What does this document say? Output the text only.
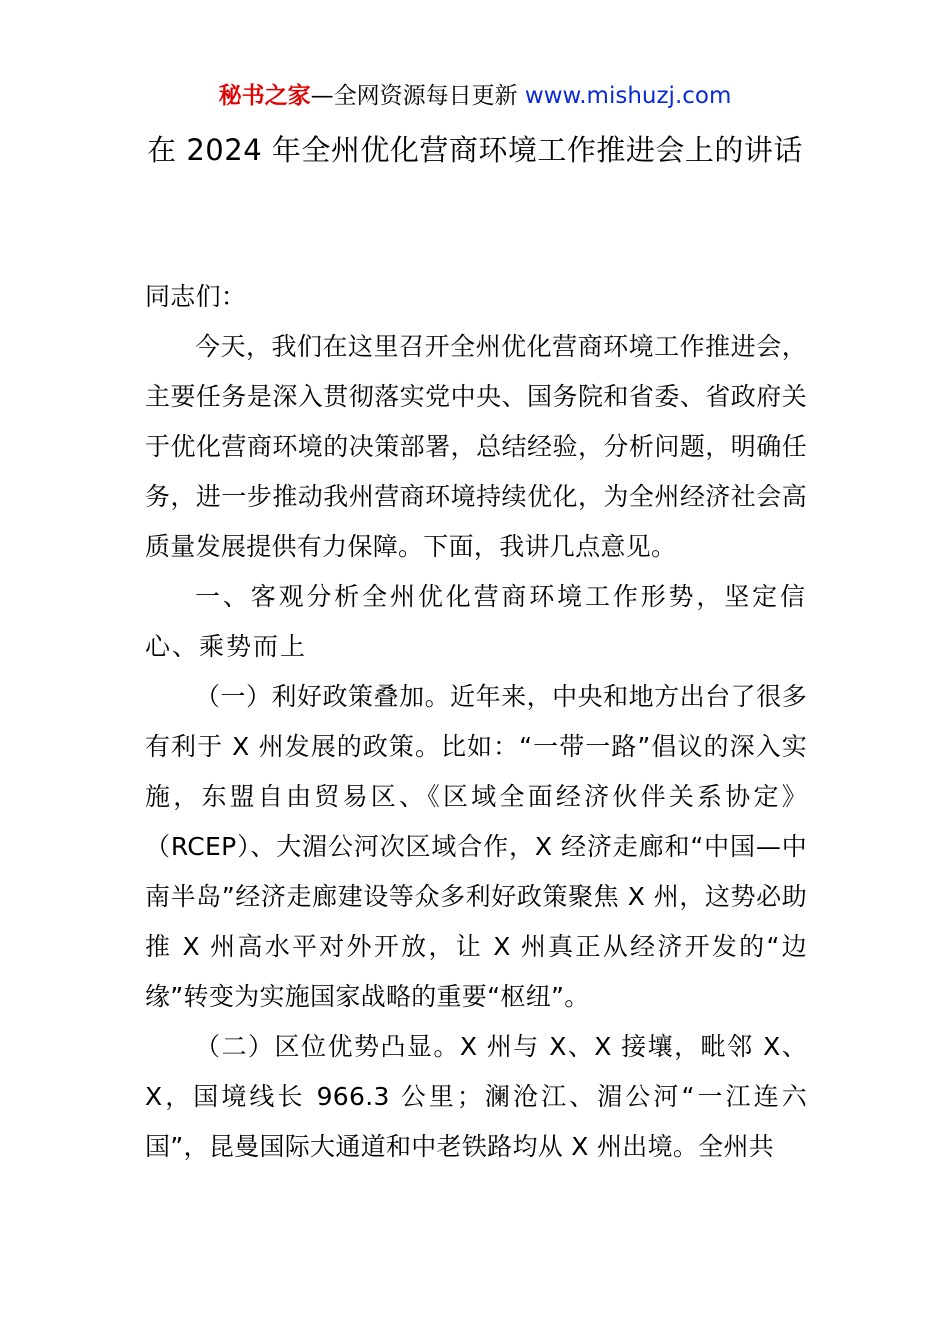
秘书之家—全网资源每日更新 www.mishuzj.com
在 2024 年全州优化营商环境工作推进会上的讲话

同志们：

今天，我们在这里召开全州优化营商环境工作推进会，主要任务是深入贯彻落实党中央、国务院和省委、省政府关于优化营商环境的决策部署，总结经验，分析问题，明确任务，进一步推动我州营商环境持续优化，为全州经济社会高质量发展提供有力保障。下面，我讲几点意见。

一、客观分析全州优化营商环境工作形势，坚定信心、乘势而上

（一）利好政策叠加。近年来，中央和地方出台了很多有利于 X 州发展的政策。比如：“一带一路”倡议的深入实施，东盟自由贸易区、《区域全面经济伙伴关系协定》（RCEP）、大湄公河次区域合作，X 经济走廊和“中国—中南半岛”经济走廊建设等众多利好政策聚焦 X 州，这势必助推 X 州高水平对外开放，让 X 州真正从经济开发的“边缘”转变为实施国家战略的重要“枢纽”。

（二）区位优势凸显。X 州与 X、X 接壤，毗邻 X、X，国境线长 966.3 公里；澜沧江、湄公河“一江连六国”，昆曼国际大通道和中老铁路均从 X 州出境。全州共
